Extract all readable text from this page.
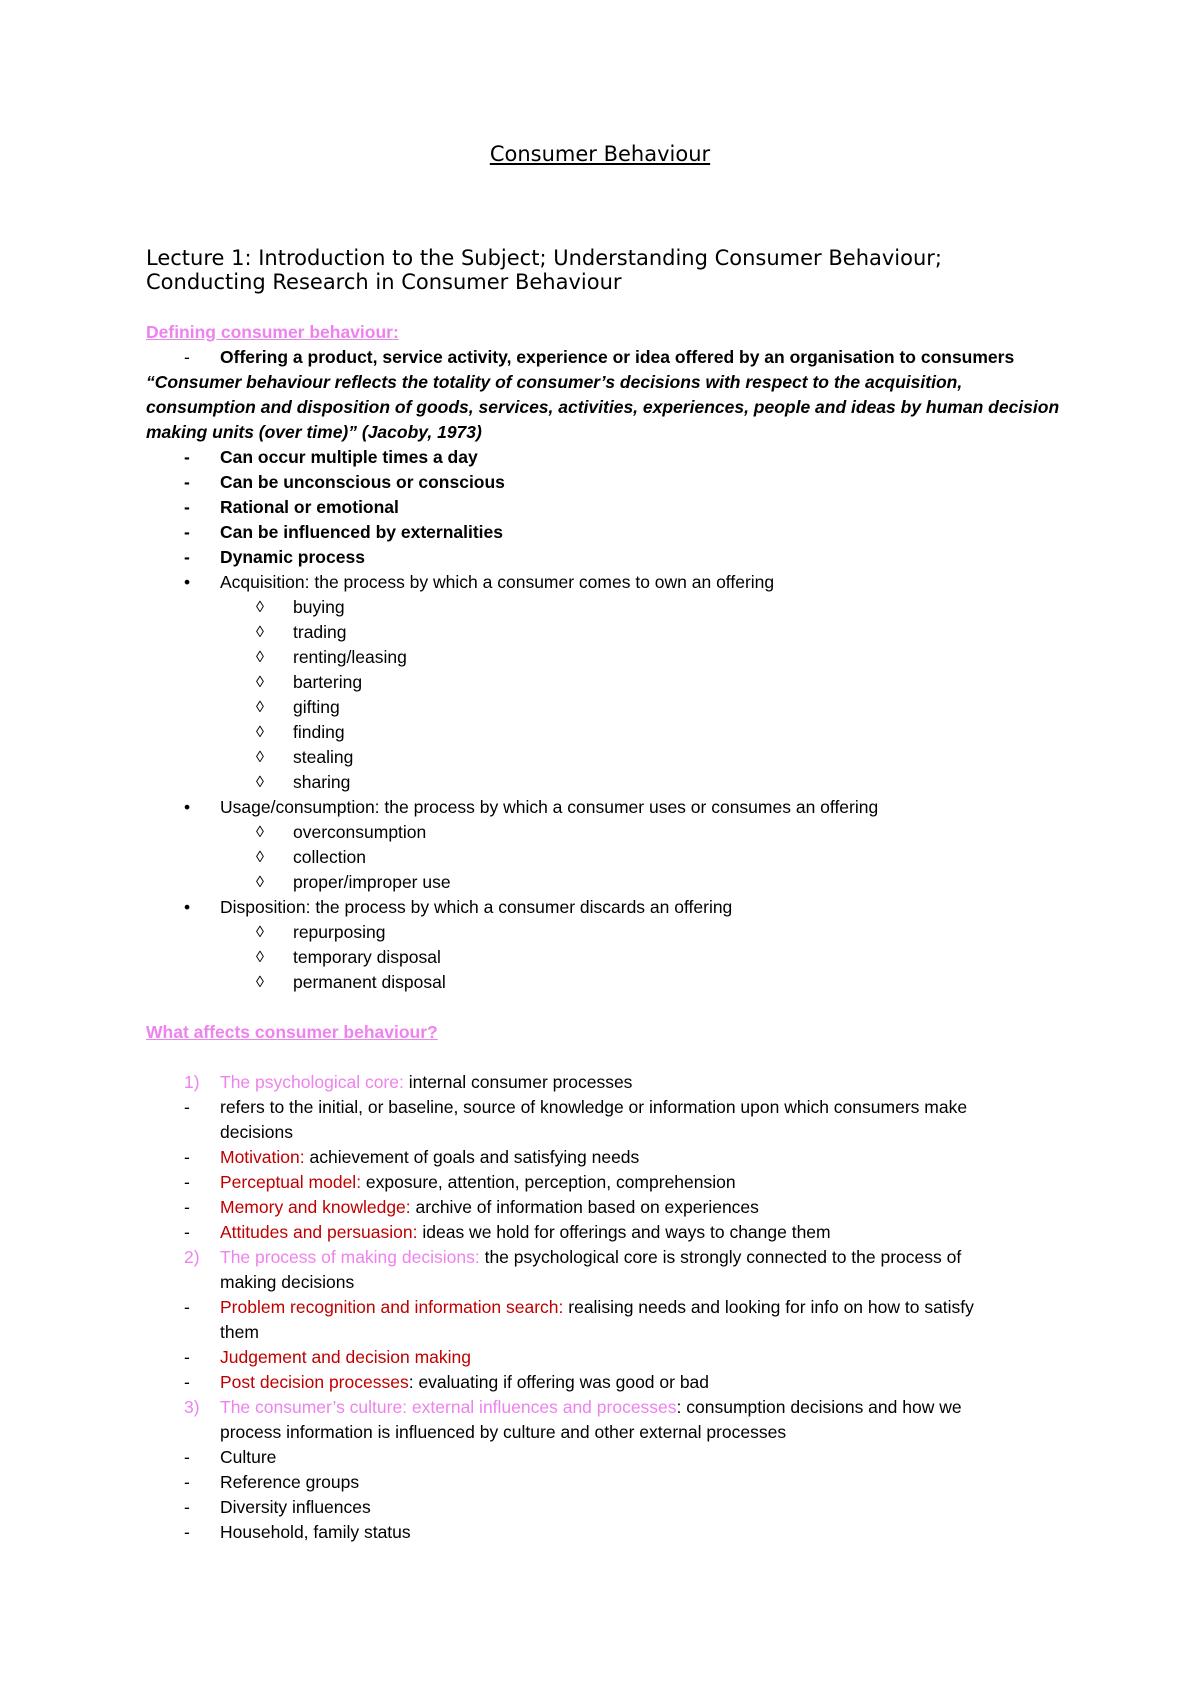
Consumer Behaviour
Lecture 1: Introduction to the Subject; Understanding Consumer Behaviour;
Conducting Research in Consumer Behaviour
Defining consumer behaviour:
- Offering a product, service activity, experience or idea offered by an organisation to consumers
“Consumer behaviour reflects the totality of consumer’s decisions with respect to the acquisition,
consumption and disposition of goods, services, activities, experiences, people and ideas by human decision
making units (over time)” (Jacoby, 1973)
- Can occur multiple times a day
- Can be unconscious or conscious
- Rational or emotional
- Can be influenced by externalities
- Dynamic process
• Acquisition: the process by which a consumer comes to own an offering
◊ buying
◊ trading
◊ renting/leasing
◊ bartering
◊ gifting
◊ finding
◊ stealing
◊ sharing
• Usage/consumption: the process by which a consumer uses or consumes an offering
◊ overconsumption
◊ collection
◊ proper/improper use
• Disposition: the process by which a consumer discards an offering
◊ repurposing
◊ temporary disposal
◊ permanent disposal
What affects consumer behaviour?
1) The psychological core: internal consumer processes
- refers to the initial, or baseline, source of knowledge or information upon which consumers make
decisions
- Motivation: achievement of goals and satisfying needs
- Perceptual model: exposure, attention, perception, comprehension
- Memory and knowledge: archive of information based on experiences
- Attitudes and persuasion: ideas we hold for offerings and ways to change them
2) The process of making decisions: the psychological core is strongly connected to the process of
making decisions
- Problem recognition and information search: realising needs and looking for info on how to satisfy
them
- Judgement and decision making
- Post decision processes: evaluating if offering was good or bad
3) The consumer’s culture: external influences and processes: consumption decisions and how we
process information is influenced by culture and other external processes
- Culture
- Reference groups
- Diversity influences
- Household, family status
